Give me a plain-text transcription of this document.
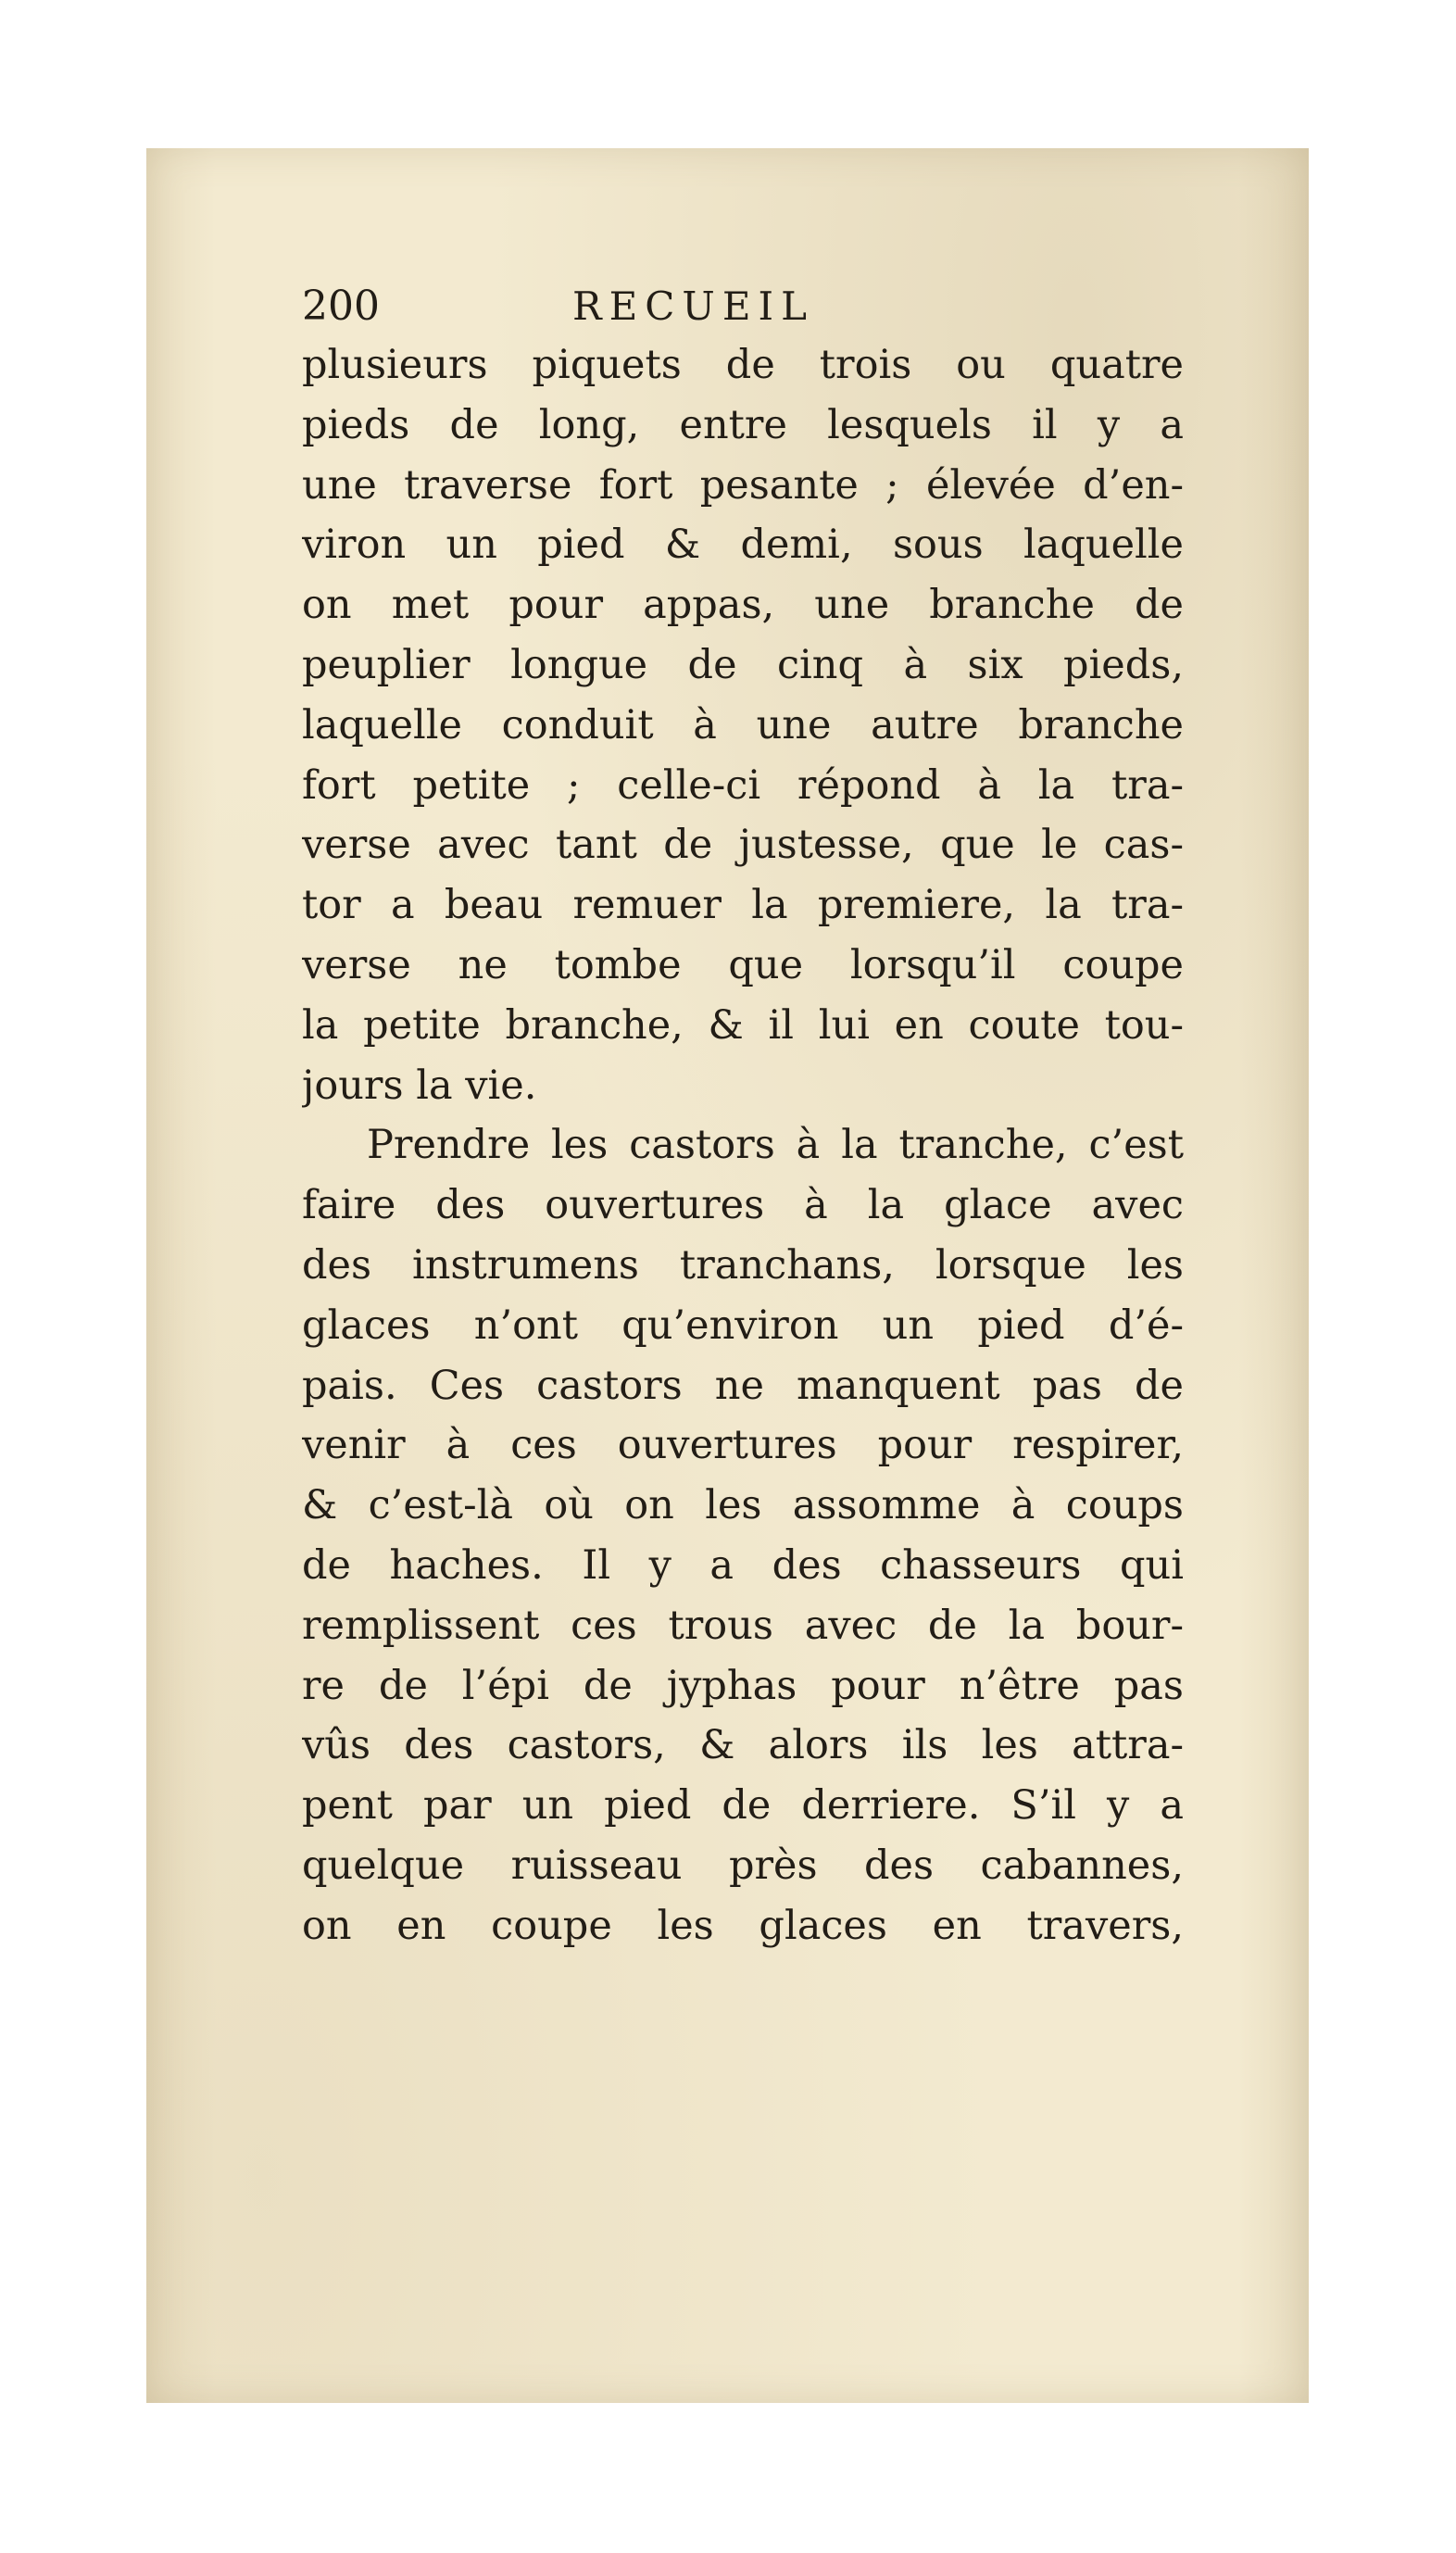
200	RECUEIL
plusieurs piquets de trois ou quatre
pieds de long, entre lesquels il y a
une traverse fort pesante ; élevée d’en-
viron un pied & demi, sous laquelle
on met pour appas, une branche de
peuplier longue de cinq à six pieds,
laquelle conduit à une autre branche
fort petite ; celle-ci répond à la tra-
verse avec tant de justesse, que le cas-
tor a beau remuer la premiere, la tra-
verse ne tombe que lorsqu’il coupe
la petite branche, & il lui en coute tou-
jours la vie.
Prendre les castors à la tranche, c’est
faire des ouvertures à la glace avec
des instrumens tranchans, lorsque les
glaces n’ont qu’environ un pied d’é-
pais. Ces castors ne manquent pas de
venir à ces ouvertures pour respirer,
& c’est-là où on les assomme à coups
de haches. Il y a des chasseurs qui
remplissent ces trous avec de la bour-
re de l’épi de jyphas pour n’être pas
vûs des castors, & alors ils les attra-
pent par un pied de derriere. S’il y a
quelque ruisseau près des cabannes,
on en coupe les glaces en travers,
